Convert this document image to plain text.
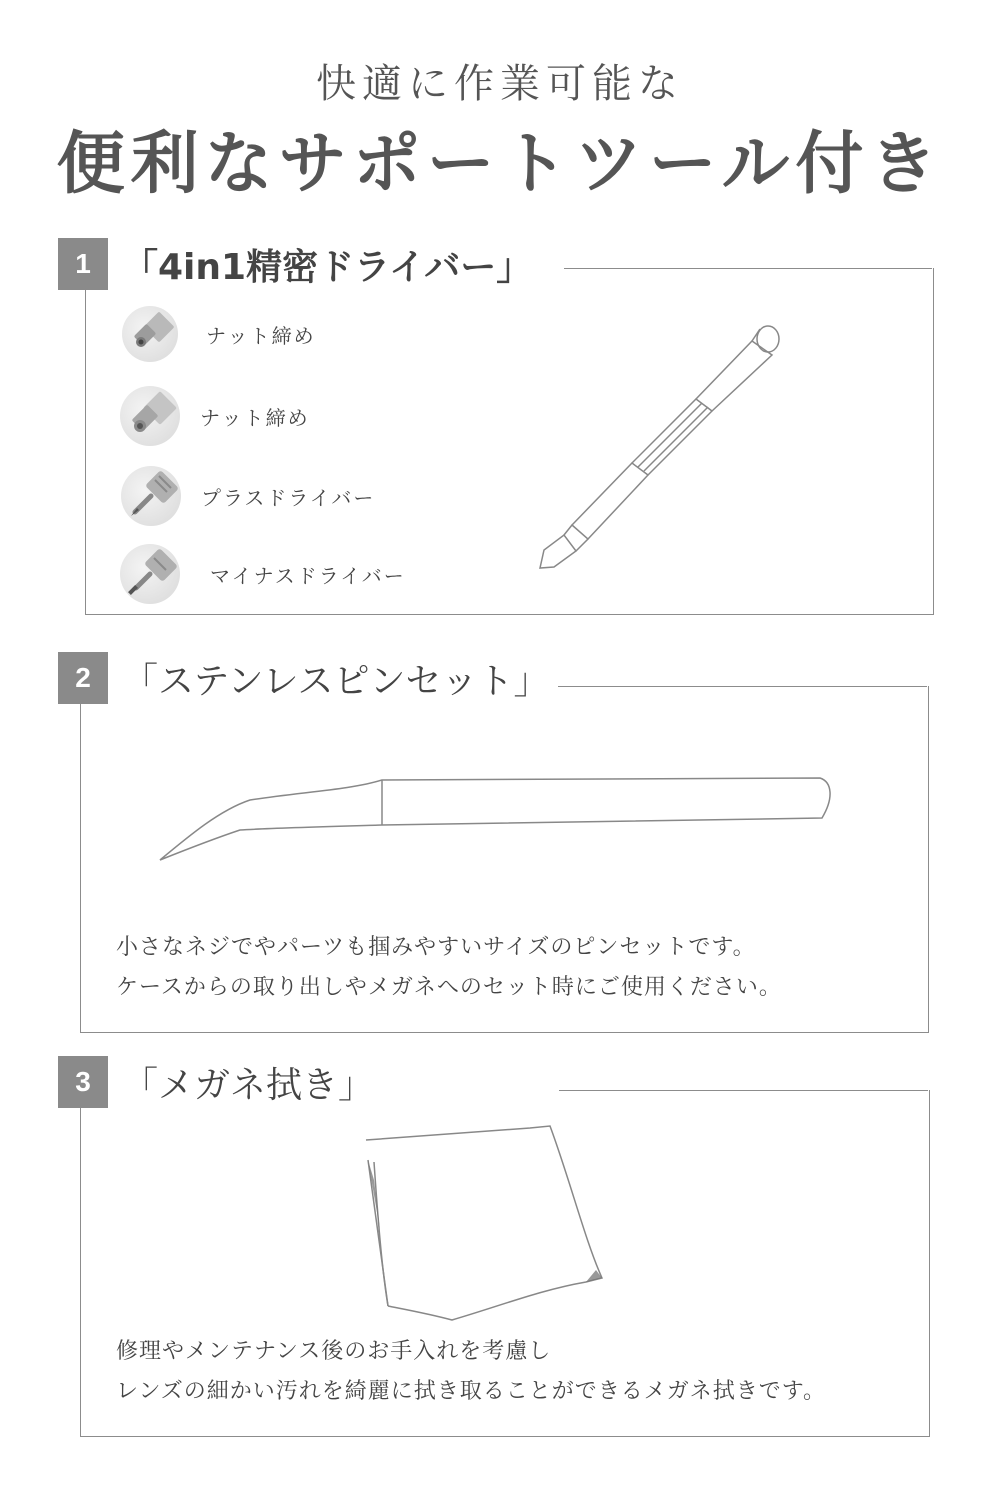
快適に作業可能な
便利なサポートツール付き
1 「4in1精密ドライバー」
ナット締め
ナット締め
プラスドライバー
マイナスドライバー
2 「ステンレスピンセット」
小さなネジでやパーツも掴みやすいサイズのピンセットです。
ケースからの取り出しやメガネへのセット時にご使用ください。
3 「メガネ拭き」
修理やメンテナンス後のお手入れを考慮し
レンズの細かい汚れを綺麗に拭き取ることができるメガネ拭きです。
